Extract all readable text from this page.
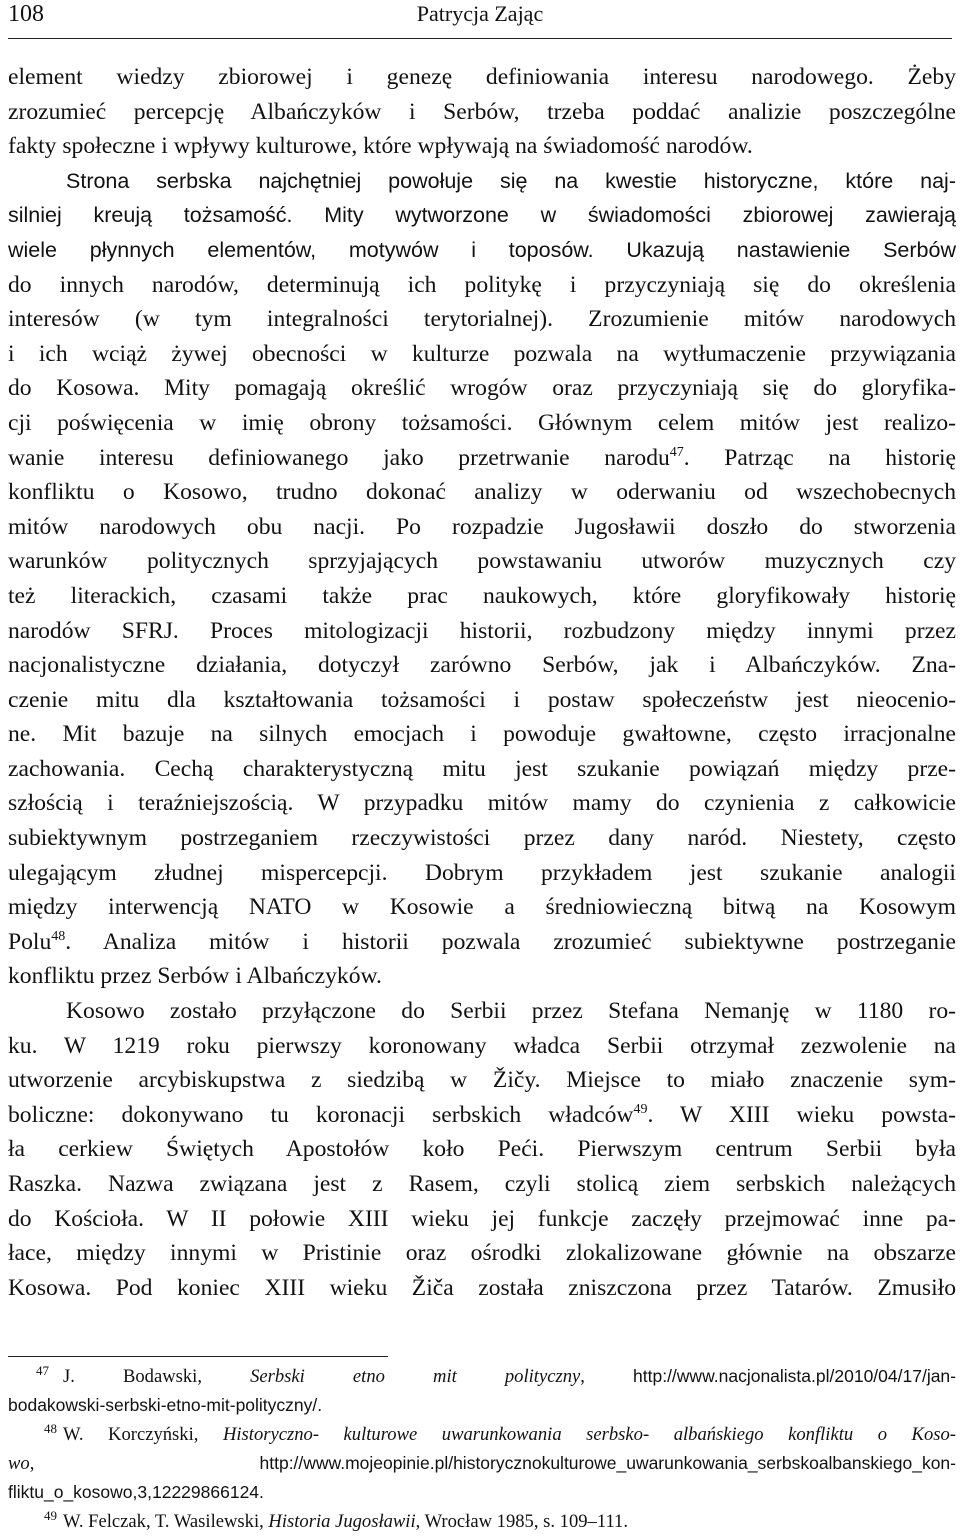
108	Patrycja Zając
element wiedzy zbiorowej i genezę definiowania interesu narodowego. Żeby
zrozumieć percepcję Albańczyków i Serbów, trzeba poddać analizie poszczególne
fakty społeczne i wpływy kulturowe, które wpływają na świadomość narodów.
Strona serbska najchętniej powołuje się na kwestie historyczne, które naj-
silniej kreują tożsamość. Mity wytworzone w świadomości zbiorowej zawierają
wiele płynnych elementów, motywów i toposów. Ukazują nastawienie Serbów
do innych narodów, determinują ich politykę i przyczyniają się do określenia
interesów (w tym integralności terytorialnej). Zrozumienie mitów narodowych
i ich wciąż żywej obecności w kulturze pozwala na wytłumaczenie przywiązania
do Kosowa. Mity pomagają określić wrogów oraz przyczyniają się do gloryfika-
cji poświęcenia w imię obrony tożsamości. Głównym celem mitów jest realizo-
wanie interesu definiowanego jako przetrwanie narodu$^{47}$. Patrząc na historię
konfliktu o Kosowo, trudno dokonać analizy w oderwaniu od wszechobecnych
mitów narodowych obu nacji. Po rozpadzie Jugosławii doszło do stworzenia
warunków politycznych sprzyjających powstawaniu utworów muzycznych czy
też literackich, czasami także prac naukowych, które gloryfikowały historię
narodów SFRJ. Proces mitologizacji historii, rozbudzony między innymi przez
nacjonalistyczne działania, dotyczył zarówno Serbów, jak i Albańczyków. Zna-
czenie mitu dla kształtowania tożsamości i postaw społeczeństw jest nieoceniо-
ne. Mit bazuje na silnych emocjach i powoduje gwałtowne, często irracjonalne
zachowania. Cechą charakterystyczną mitu jest szukanie powiązań między prze-
szłością i teraźniejszością. W przypadku mitów mamy do czynienia z całkowicie
subiektywnym postrzeganiem rzeczywistości przez dany naród. Niestety, często
ulegającym złudnej mispercepcji. Dobrym przykładem jest szukanie analogii
między interwencją NATO w Kosowie a średniowieczną bitwą na Kosowym
Polu$^{48}$. Analiza mitów i historii pozwala zrozumieć subiektywne postrzeganie
konfliktu przez Serbów i Albańczyków.
Kosowo zostało przyłączone do Serbii przez Stefana Nemanję w 1180 ro-
ku. W 1219 roku pierwszy koronowany władca Serbii otrzymał zezwolenie na
utworzenie arcybiskupstwa z siedzibą w Žičy. Miejsce to miało znaczenie sym-
boliczne: dokonywano tu koronacji serbskich władców$^{49}$. W XIII wieku powsta-
ła cerkiew Świętych Apostołów koło Peći. Pierwszym centrum Serbii była
Raszka. Nazwa związana jest z Rasem, czyli stolicą ziem serbskich należących
do Kościoła. W II połowie XIII wieku jej funkcje zaczęły przejmować inne pa-
łace, między innymi w Pristinie oraz ośrodki zlokalizowane głównie na obszarze
Kosowa. Pod koniec XIII wieku Žiča została zniszczona przez Tatarów. Zmusiło
$^{47}$ J. Bodawski,	Serbski etno mit polityczny, http://www.nacjonalista.pl/2010/04/17/jan-
bodakowski-serbski-etno-mit-polityczny/.
$^{48}$ W. Korczyński, Historyczno- kulturowe uwarunkowania serbsko- albańskiego konfliktu o Koso-
wo, http://www.mojeopinie.pl/historycznokulturowe_uwarunkowania_serbskoalbanskiego_kon-
fliktu_o_kosowo,3,12229866124.
$^{49}$ W. Felczak, T. Wasilewski, Historia Jugosławii, Wrocław 1985, s. 109–111.
